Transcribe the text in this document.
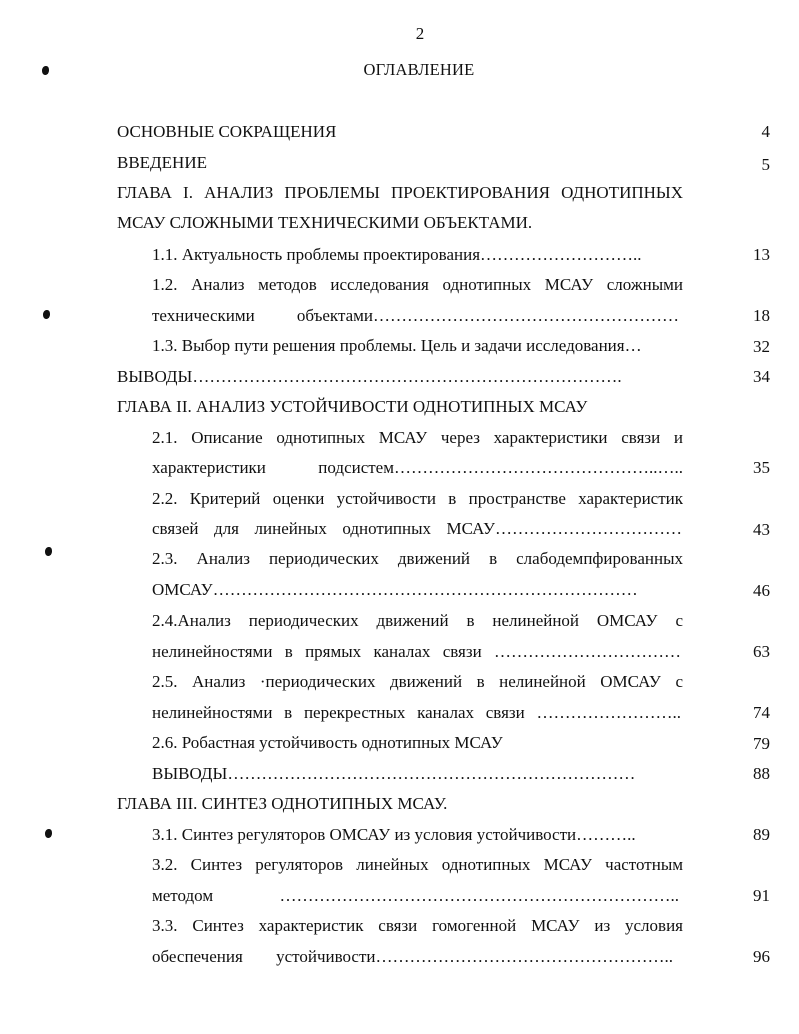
2
ОГЛАВЛЕНИЕ
ОСНОВНЫЕ СОКРАЩЕНИЯ	4
ВВЕДЕНИЕ	5
ГЛАВА I. АНАЛИЗ ПРОБЛЕМЫ ПРОЕКТИРОВАНИЯ ОДНОТИПНЫХ
МСАУ СЛОЖНЫМИ ТЕХНИЧЕСКИМИ ОБЪЕКТАМИ.
1.1. Актуальность проблемы проектирования………………………..	13
1.2. Анализ методов исследования однотипных МСАУ сложными
техническими объектами………………………………………………	18
1.3. Выбор пути решения проблемы. Цель и задачи исследования…	32
ВЫВОДЫ………………………………………………………………….	34
ГЛАВА II. АНАЛИЗ УСТОЙЧИВОСТИ ОДНОТИПНЫХ МСАУ
2.1. Описание однотипных МСАУ через характеристики связи и
характеристики подсистем………………………………………..…..	35
2.2. Критерий оценки устойчивости в пространстве характеристик
связей для линейных однотипных МСАУ……………………………	43
2.3. Анализ периодических движений в слабодемпфированных
ОМСАУ…………………………………………………………………	46
2.4.Анализ периодических движений в нелинейной ОМСАУ с
нелинейностями в прямых каналах связи ……………………………	63
2.5. Анализ ·периодических движений в нелинейной ОМСАУ с
нелинейностями в перекрестных каналах связи ……………………..	74
2.6. Робастная устойчивость однотипных МСАУ	79
ВЫВОДЫ………………………………………………………………	88
ГЛАВА III. СИНТЕЗ ОДНОТИПНЫХ МСАУ.
3.1. Синтез регуляторов ОМСАУ из условия устойчивости………..	89
3.2. Синтез регуляторов линейных однотипных МСАУ частотным
методом ……………………………………………………………..	91
3.3. Синтез характеристик связи гомогенной МСАУ из условия
обеспечения устойчивости……………………………………………..	96
